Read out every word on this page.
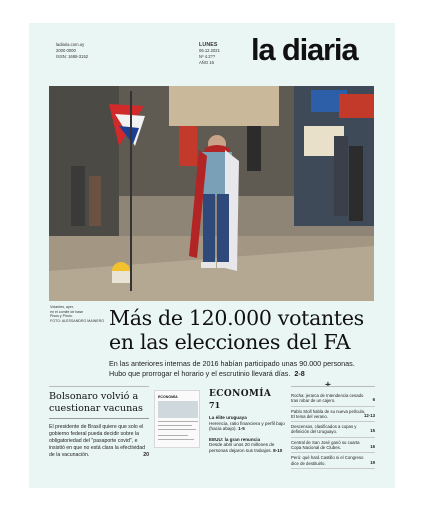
ladiaria.com.uy
2000 0000
ISSN: 1688-3152
LUNES
06.12.2021
Nº 4.2??
AÑO 16 la diaria
Votantes, ayer,
en el comité de base
Pisos y Pirulo.
FOTO: ALESSANDRO MAINERO Más de 120.000 votantes
en las elecciones del FA
En las anteriores internas de 2016 habían participado unas 90.000 personas.
Hubo que prorrogar el horario y el escrutinio llevará días. 2-8
Bolsonaro volvió a cuestionar vacunas
El presidente de Brasil quiere que solo el gobierno federal pueda decidir sobre la obligatoriedad del "pasaporte covid", e insistió en que no está clara la efectividad de la vacunación.	20
ECONOMÍA	ECONOMÍA
71
La élite uruguaya
Herencia, ratio financiera y perfil bajo (hacia abajo). 1-5
EEUU: la gran renuncia
Desde abril unos 20 millones de personas dejaron sus trabajos. 8-10
Rocha: jerarca de Intendencia cesado tras robar de un cajero.	6
Pablo Stoll habla de su nueva película, El tema del verano.	12-13
Descensos, clasificados a copas y definición del Uruguayo.	15
Central de San José ganó su cuarta Copa Nacional de Clubes.	16
Perú: qué hará Castillo si el Congreso dice de destituirlo.	19
